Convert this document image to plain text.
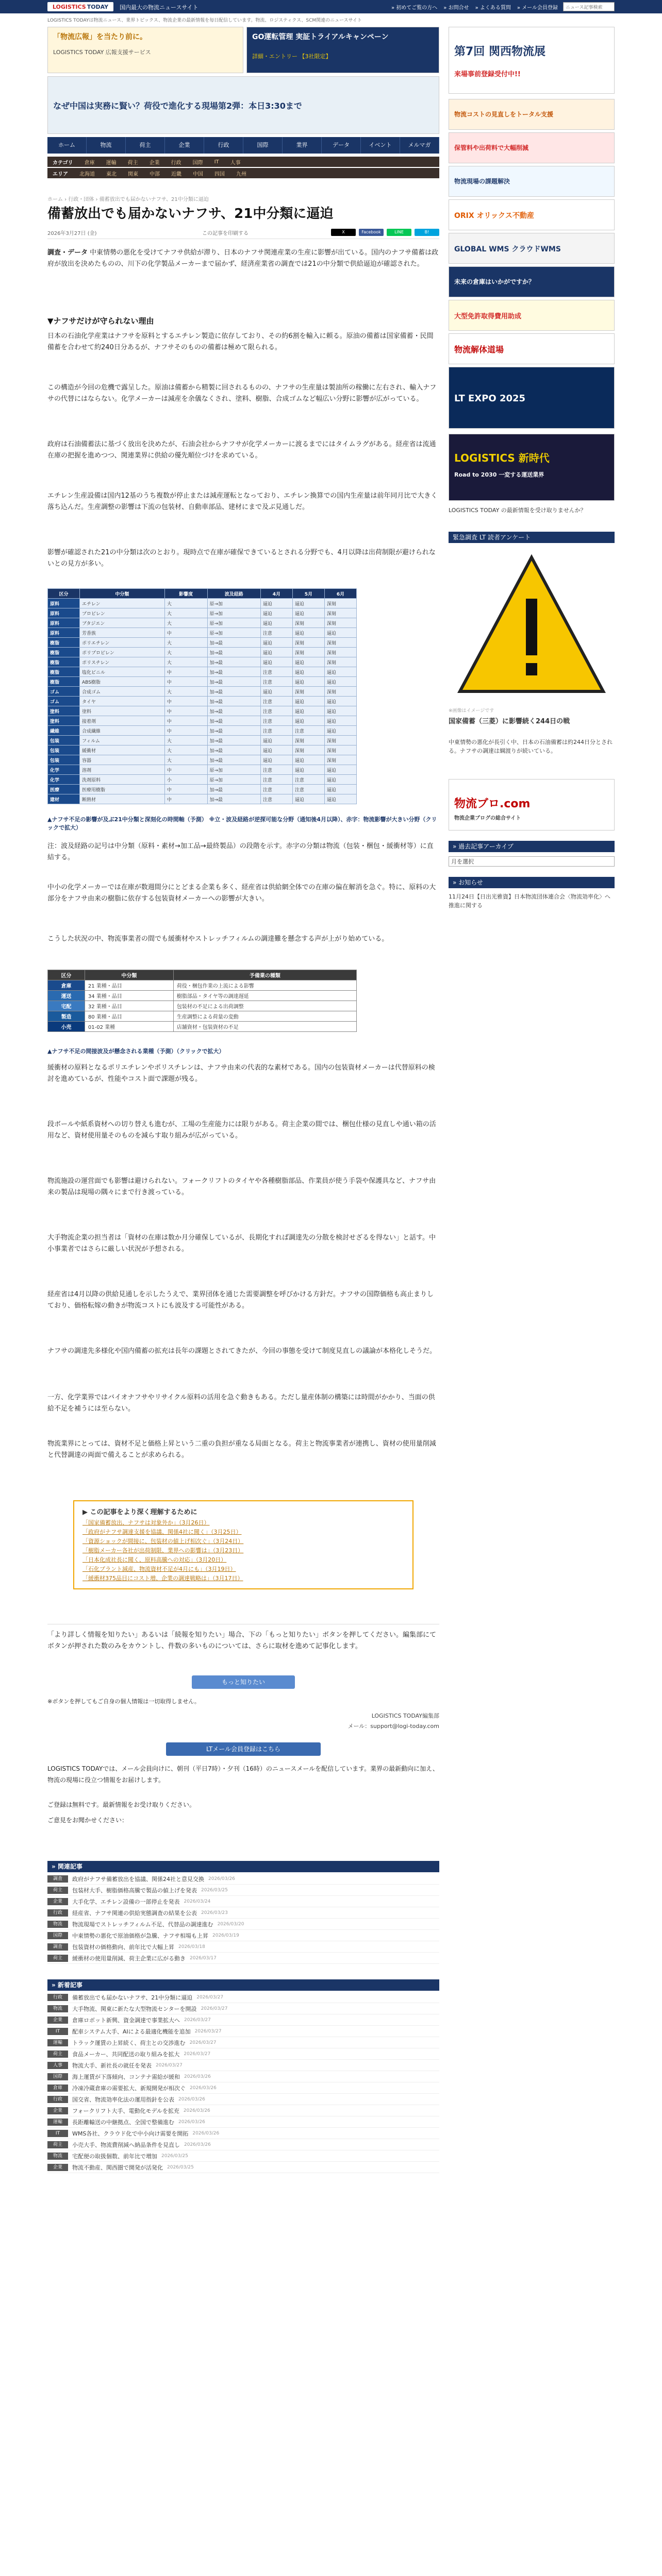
LOGISTICS TODAY 国内最大の物流ニュースサイト	» 初めてご覧の方へ » お問合せ » よくある質問 » メール会員登録	ニュース記事検索
LOGISTICS TODAYは物流ニュース、業界トピックス、物流企業の最新情報を毎日配信しています。物流、ロジスティクス、SCM関連のニュースサイト
「物流広報」を当たり前に。
LOGISTICS TODAY 広報支援サービス
GO運転管理 実証トライアルキャンペーン
詳細・エントリー 【3社限定】
なぜ中国は実務に賢い？荷役で進化する現場第2弾：本日3:30まで
ホーム	物流	荷主	企業	行政	国際	業界	データ	イベント	メルマガ
カテゴリ 倉庫 運輸 荷主 企業 行政 国際 IT 人事
エリア 北海道 東北 関東 中部 近畿 中国 四国 九州
ホーム › 行政・団体 › 備蓄放出でも届かないナフサ、21中分類に逼迫
備蓄放出でも届かないナフサ、21中分類に逼迫
2026年3月27日 (金)	この記事を印刷する	X	Facebook	LINE	B!
調査・データ 中東情勢の悪化を受けてナフサ供給が滞り、日本のナフサ関連産業の生産に影響が出ている。国内のナフサ備蓄は政府が放出を決めたものの、川下の化学製品メーカーまで届かず、経済産業省の調査では21の中分類で供給逼迫が確認された。
▼ナフサだけが守られない理由
日本の石油化学産業はナフサを原料とするエチレン製造に依存しており、その約6割を輸入に頼る。原油の備蓄は国家備蓄・民間備蓄を合わせて約240日分あるが、ナフサそのものの備蓄は極めて限られる。
この構造が今回の危機で露呈した。原油は備蓄から精製に回されるものの、ナフサの生産量は製油所の稼働に左右され、輸入ナフサの代替にはならない。化学メーカーは減産を余儀なくされ、塗料、樹脂、合成ゴムなど幅広い分野に影響が広がっている。
政府は石油備蓄法に基づく放出を決めたが、石油会社からナフサが化学メーカーに渡るまでにはタイムラグがある。経産省は流通在庫の把握を進めつつ、関連業界に供給の優先順位づけを求めている。
エチレン生産設備は国内12基のうち複数が停止または減産運転となっており、エチレン換算での国内生産量は前年同月比で大きく落ち込んだ。生産調整の影響は下流の包装材、自動車部品、建材にまで及ぶ見通しだ。
影響が確認された21の中分類は次のとおり。現時点で在庫が確保できているとされる分野でも、4月以降は出荷制限が避けられないとの見方が多い。
区分	中分類	影響度	波及経路	4月	5月	6月
原料	エチレン	大	原→加	逼迫	逼迫	深刻
原料	プロピレン	大	原→加	逼迫	逼迫	深刻
原料	ブタジエン	大	原→加	逼迫	深刻	深刻
原料	芳香族	中	原→加	注意	逼迫	逼迫
樹脂	ポリエチレン	大	加→最	逼迫	深刻	深刻
樹脂	ポリプロピレン	大	加→最	逼迫	深刻	深刻
樹脂	ポリスチレン	大	加→最	逼迫	逼迫	深刻
樹脂	塩化ビニル	中	加→最	注意	逼迫	逼迫
樹脂	ABS樹脂	中	加→最	注意	逼迫	逼迫
ゴム	合成ゴム	大	加→最	逼迫	深刻	深刻
ゴム	タイヤ	中	加→最	注意	逼迫	逼迫
塗料	塗料	中	加→最	注意	逼迫	逼迫
塗料	接着剤	中	加→最	注意	逼迫	逼迫
繊維	合成繊維	中	加→最	注意	注意	逼迫
包装	フィルム	大	加→最	逼迫	深刻	深刻
包装	緩衝材	大	加→最	逼迫	深刻	深刻
包装	容器	大	加→最	逼迫	逼迫	深刻
化学	溶剤	中	原→加	注意	逼迫	逼迫
化学	洗剤原料	小	原→加	注意	注意	逼迫
医療	医療用樹脂	中	加→最	注意	注意	逼迫
建材	断熱材	中	加→最	注意	逼迫	逼迫
▲ナフサ不足の影響が及ぶ21中分類と深刻化の時間軸（予測） ※立・波及経路が逆探可能な分野（通知後4月以降）、赤字：物流影響が大きい分野（クリックで拡大）
注：波及経路の記号は中分類（原料・素材→加工品→最終製品）の段階を示す。赤字の分類は物流（包装・梱包・緩衝材等）に直結する。
中小の化学メーカーでは在庫が数週間分にとどまる企業も多く、経産省は供給網全体での在庫の偏在解消を急ぐ。特に、原料の大部分をナフサ由来の樹脂に依存する包装資材メーカーへの影響が大きい。
こうした状況の中、物流事業者の間でも緩衝材やストレッチフィルムの調達難を懸念する声が上がり始めている。
区分	中分類	予備業の種類
倉庫	21 業種・品目	荷役・梱包作業の上流による影響
運送	34 業種・品目	樹脂部品・タイヤ等の調達遅延
宅配	32 業種・品目	包装材の不足による出荷調整
製造	80 業種・品目	生産調整による荷量の変動
小売	01-02 業種	店舗資材・包装資材の不足
▲ナフサ不足の間接波及が懸念される業種（予測）（クリックで拡大）
緩衝材の原料となるポリエチレンやポリスチレンは、ナフサ由来の代表的な素材である。国内の包装資材メーカーは代替原料の検討を進めているが、性能やコスト面で課題が残る。
段ボールや紙系資材への切り替えも進むが、工場の生産能力には限りがある。荷主企業の間では、梱包仕様の見直しや通い箱の活用など、資材使用量そのものを減らす取り組みが広がっている。
物流施設の運営面でも影響は避けられない。フォークリフトのタイヤや各種樹脂部品、作業員が使う手袋や保護具など、ナフサ由来の製品は現場の隅々にまで行き渡っている。
大手物流企業の担当者は「資材の在庫は数か月分確保しているが、長期化すれば調達先の分散を検討せざるを得ない」と話す。中小事業者ではさらに厳しい状況が予想される。
経産省は4月以降の供給見通しを示したうえで、業界団体を通じた需要調整を呼びかける方針だ。ナフサの国際価格も高止まりしており、価格転嫁の動きが物流コストにも波及する可能性がある。
ナフサの調達先多様化や国内備蓄の拡充は長年の課題とされてきたが、今回の事態を受けて制度見直しの議論が本格化しそうだ。
一方、化学業界ではバイオナフサやリサイクル原料の活用を急ぐ動きもある。ただし量産体制の構築には時間がかかり、当面の供給不足を補うには至らない。
物流業界にとっては、資材不足と価格上昇という二重の負担が重なる局面となる。荷主と物流事業者が連携し、資材の使用量削減と代替調達の両面で備えることが求められる。
▶ この記事をより深く理解するために
「国家備蓄放出、ナフサは対象外か」（3月26日）
「政府がナフサ調達支援を協議、関係4社に聞く」（3月25日）
「資源ショックが間接に、包装材の値上げ相次ぐ」（3月24日）
「樹脂メーカー各社が出荷制限、業界への影響は」（3月23日）
「日本化成社長に聞く、原料高騰への対応」（3月20日）
「石化プラント減産、物流資材不足が4月にも」（3月19日）
「緩衝材375品目にコスト増、企業の調達戦略は」（3月17日）
「より詳しく情報を知りたい」あるいは「続報を知りたい」場合、下の「もっと知りたい」ボタンを押してください。編集部にてボタンが押された数のみをカウントし、件数の多いものについては、さらに取材を進めて記事化します。
もっと知りたい
※ボタンを押してもご自身の個人情報は一切取得しません。
LOGISTICS TODAY編集部
メール：support@logi-today.com
LTメール会員登録はこちら
LOGISTICS TODAYでは、メール会員向けに、朝刊（平日7時）・夕刊（16時）のニュースメールを配信しています。業界の最新動向に加え、物流の現場に役立つ情報をお届けします。
ご登録は無料です。最新情報をお受け取りください。
ご意見をお聞かせください：
» 関連記事
調査	政府がナフサ備蓄放出を協議、関係24社と意見交換 2026/03/26
荷主	包装材大手、樹脂価格高騰で製品の値上げを発表 2026/03/25
企業	大手化学、エチレン設備の一部停止を発表 2026/03/24
行政	経産省、ナフサ関連の供給実態調査の結果を公表 2026/03/23
物流	物流現場でストレッチフィルム不足、代替品の調達進む 2026/03/20
国際	中東情勢の悪化で原油価格が急騰、ナフサ相場も上昇 2026/03/19
調査	包装資材の価格動向、前年比で大幅上昇 2026/03/18
荷主	緩衝材の使用量削減、荷主企業に広がる動き 2026/03/17
» 新着記事
行政	備蓄放出でも届かないナフサ、21中分類に逼迫 2026/03/27
物流	大手物流、関東に新たな大型物流センターを開設 2026/03/27
企業	倉庫ロボット新興、資金調達で事業拡大へ 2026/03/27
IT	配車システム大手、AIによる最適化機能を追加 2026/03/27
運輸	トラック運賃の上昇続く、荷主との交渉進む 2026/03/27
荷主	食品メーカー、共同配送の取り組みを拡大 2026/03/27
人事	物流大手、新社長の就任を発表 2026/03/27
国際	海上運賃が下落傾向、コンテナ需給が緩和 2026/03/26
倉庫	冷凍冷蔵倉庫の需要拡大、新規開発が相次ぐ 2026/03/26
行政	国交省、物流効率化法の運用指針を公表 2026/03/26
企業	フォークリフト大手、電動化モデルを拡充 2026/03/26
運輸	長距離輸送の中継拠点、全国で整備進む 2026/03/26
IT	WMS各社、クラウド化で中小向け需要を開拓 2026/03/26
荷主	小売大手、物流費削減へ納品条件を見直し 2026/03/26
物流	宅配便の取扱個数、前年比で増加 2026/03/25
企業	物流不動産、関西圏で開発が活発化 2026/03/25
第7回 関西物流展
来場事前登録受付中!!
物流コストの見直しをトータル支援
保管料や出荷料で大幅削減
物流現場の課題解決
ORIX オリックス不動産
GLOBAL WMS クラウドWMS
未来の倉庫はいかがですか？
大型免許取得費用助成
物流解体道場
LT EXPO 2025
LOGISTICS 新時代
Road to 2030 一変する運送業界
LOGISTICS TODAY の最新情報を受け取りませんか？
緊急調査 LT 読者アンケート
※画像はイメージです
国家備蓄（三菱）に影響続く244日の戦
中東情勢の悪化が長引く中、日本の石油備蓄は約244日分とされる。ナフサの調達は綱渡りが続いている。
物流ブロ.com
物流企業ブログの総合サイト
» 過去記事アーカイブ
月を選択
» お知らせ
11月24日【日出光雅資】日本物流団体連合会〈物流効率化〉へ推進に関する
